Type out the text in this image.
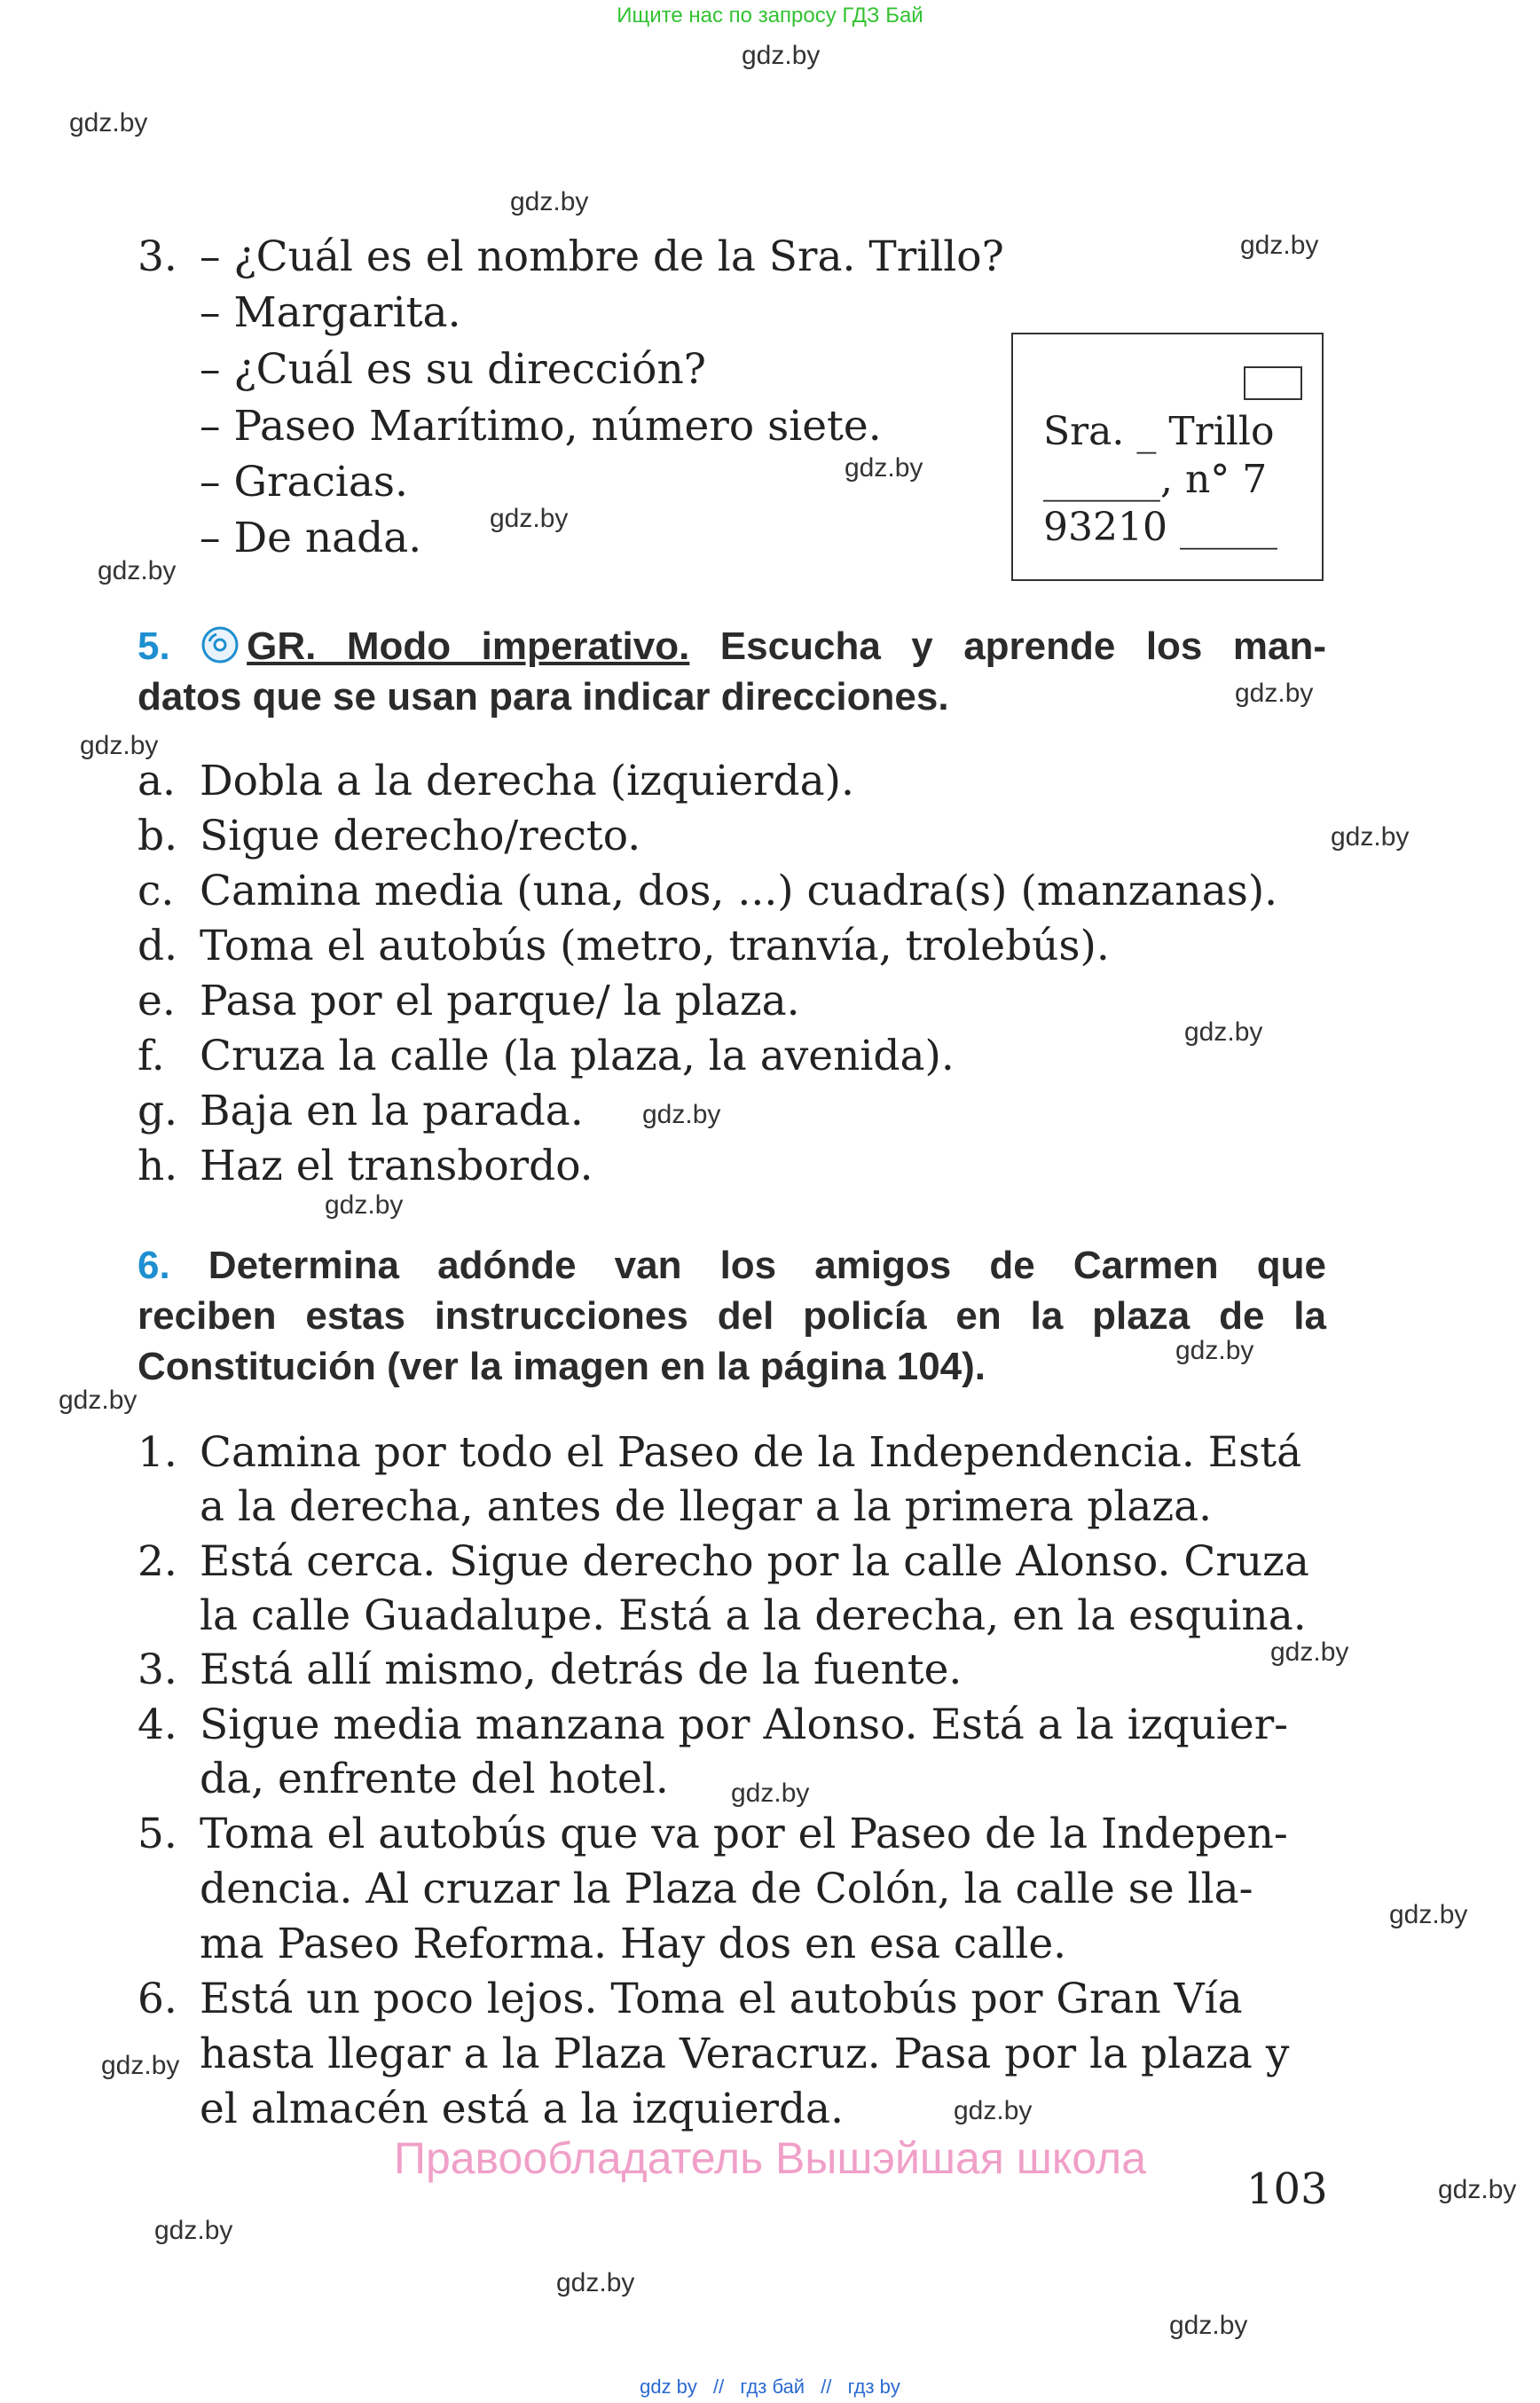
Ищите нас по запросу ГДЗ Бай
gdz.by
gdz.by
gdz.by
gdz.by
gdz.by
gdz.by
gdz.by
gdz.by
gdz.by
gdz.by
gdz.by
gdz.by
gdz.by
gdz.by
gdz.by
gdz.by
gdz.by
gdz.by
gdz.by
gdz.by
gdz.by
gdz.by
gdz.by
gdz.by
3. – ¿Cuál es el nombre de la Sra. Trillo?
– Margarita.
– ¿Cuál es su dirección?
– Paseo Marítimo, número siete.
– Gracias.
– De nada.
Sra. _ Trillo
______, n° 7
93210 _____
5. GR. Modo imperativo. Escucha y aprende los man-
datos que se usan para indicar direcciones.
a. Dobla a la derecha (izquierda).
b. Sigue derecho/recto.
c. Camina media (una, dos, ...) cuadra(s) (manzanas).
d. Toma el autobús (metro, tranvía, trolebús).
e. Pasa por el parque/ la plaza.
f. Cruza la calle (la plaza, la avenida).
g. Baja en la parada.
h. Haz el transbordo.
6. Determina adónde van los amigos de Carmen que
reciben estas instrucciones del policía en la plaza de la
Constitución (ver la imagen en la página 104).
1. Camina por todo el Paseo de la Independencia. Está
a la derecha, antes de llegar a la primera plaza.
2. Está cerca. Sigue derecho por la calle Alonso. Cruza
la calle Guadalupe. Está a la derecha, en la esquina.
3. Está allí mismo, detrás de la fuente.
4. Sigue media manzana por Alonso. Está a la izquier-
da, enfrente del hotel.
5. Toma el autobús que va por el Paseo de la Indepen-
dencia. Al cruzar la Plaza de Colón, la calle se lla-
ma Paseo Reforma. Hay dos en esa calle.
6. Está un poco lejos. Toma el autobús por Gran Vía
hasta llegar a la Plaza Veracruz. Pasa por la plaza y
el almacén está a la izquierda.
Правообладатель Вышэйшая школа
103
gdz by // гдз бай // гдз by
